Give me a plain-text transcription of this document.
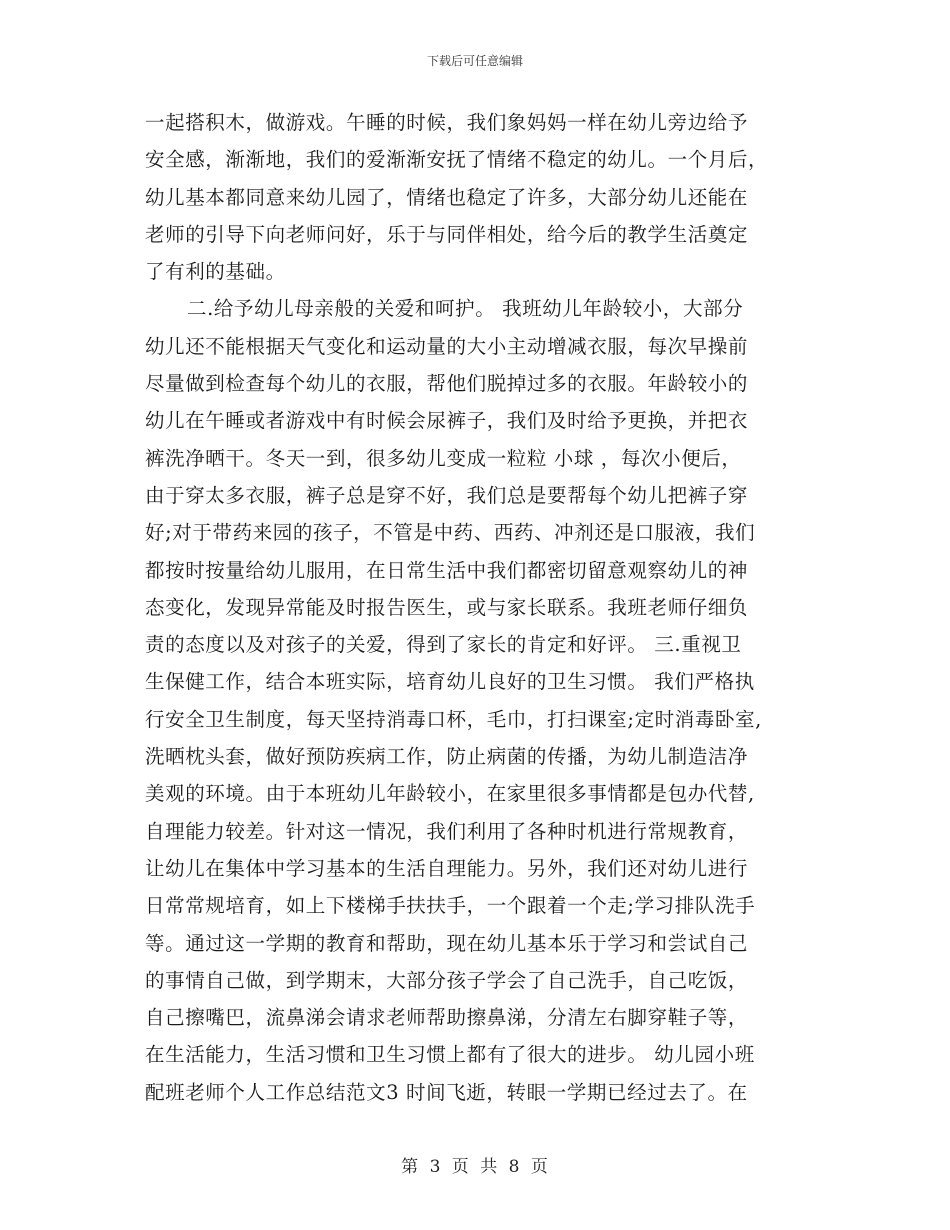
下载后可任意编辑
一起搭积木，做游戏。午睡的时候，我们象妈妈一样在幼儿旁边给予
安全感，渐渐地，我们的爱渐渐安抚了情绪不稳定的幼儿。一个月后，
幼儿基本都同意来幼儿园了，情绪也稳定了许多，大部分幼儿还能在
老师的引导下向老师问好，乐于与同伴相处，给今后的教学生活奠定
了有利的基础。
二.给予幼儿母亲般的关爱和呵护。 我班幼儿年龄较小，大部分
幼儿还不能根据天气变化和运动量的大小主动增减衣服，每次早操前
尽量做到检查每个幼儿的衣服，帮他们脱掉过多的衣服。年龄较小的
幼儿在午睡或者游戏中有时候会尿裤子，我们及时给予更换，并把衣
裤洗净晒干。冬天一到，很多幼儿变成一粒粒 小球 ，每次小便后，
由于穿太多衣服，裤子总是穿不好，我们总是要帮每个幼儿把裤子穿
好;对于带药来园的孩子，不管是中药、西药、冲剂还是口服液，我们
都按时按量给幼儿服用，在日常生活中我们都密切留意观察幼儿的神
态变化，发现异常能及时报告医生，或与家长联系。我班老师仔细负
责的态度以及对孩子的关爱，得到了家长的肯定和好评。 三.重视卫
生保健工作，结合本班实际，培育幼儿良好的卫生习惯。 我们严格执
行安全卫生制度，每天坚持消毒口杯，毛巾，打扫课室;定时消毒卧室,
洗晒枕头套，做好预防疾病工作，防止病菌的传播，为幼儿制造洁净
美观的环境。由于本班幼儿年龄较小，在家里很多事情都是包办代替,
自理能力较差。针对这一情况，我们利用了各种时机进行常规教育，
让幼儿在集体中学习基本的生活自理能力。另外，我们还对幼儿进行
日常常规培育，如上下楼梯手扶扶手，一个跟着一个走;学习排队洗手
等。通过这一学期的教育和帮助，现在幼儿基本乐于学习和尝试自己
的事情自己做，到学期末，大部分孩子学会了自己洗手，自己吃饭，
自己擦嘴巴，流鼻涕会请求老师帮助擦鼻涕，分清左右脚穿鞋子等，
在生活能力，生活习惯和卫生习惯上都有了很大的进步。 幼儿园小班
配班老师个人工作总结范文3 时间飞逝，转眼一学期已经过去了。在
第 3 页 共 8 页
